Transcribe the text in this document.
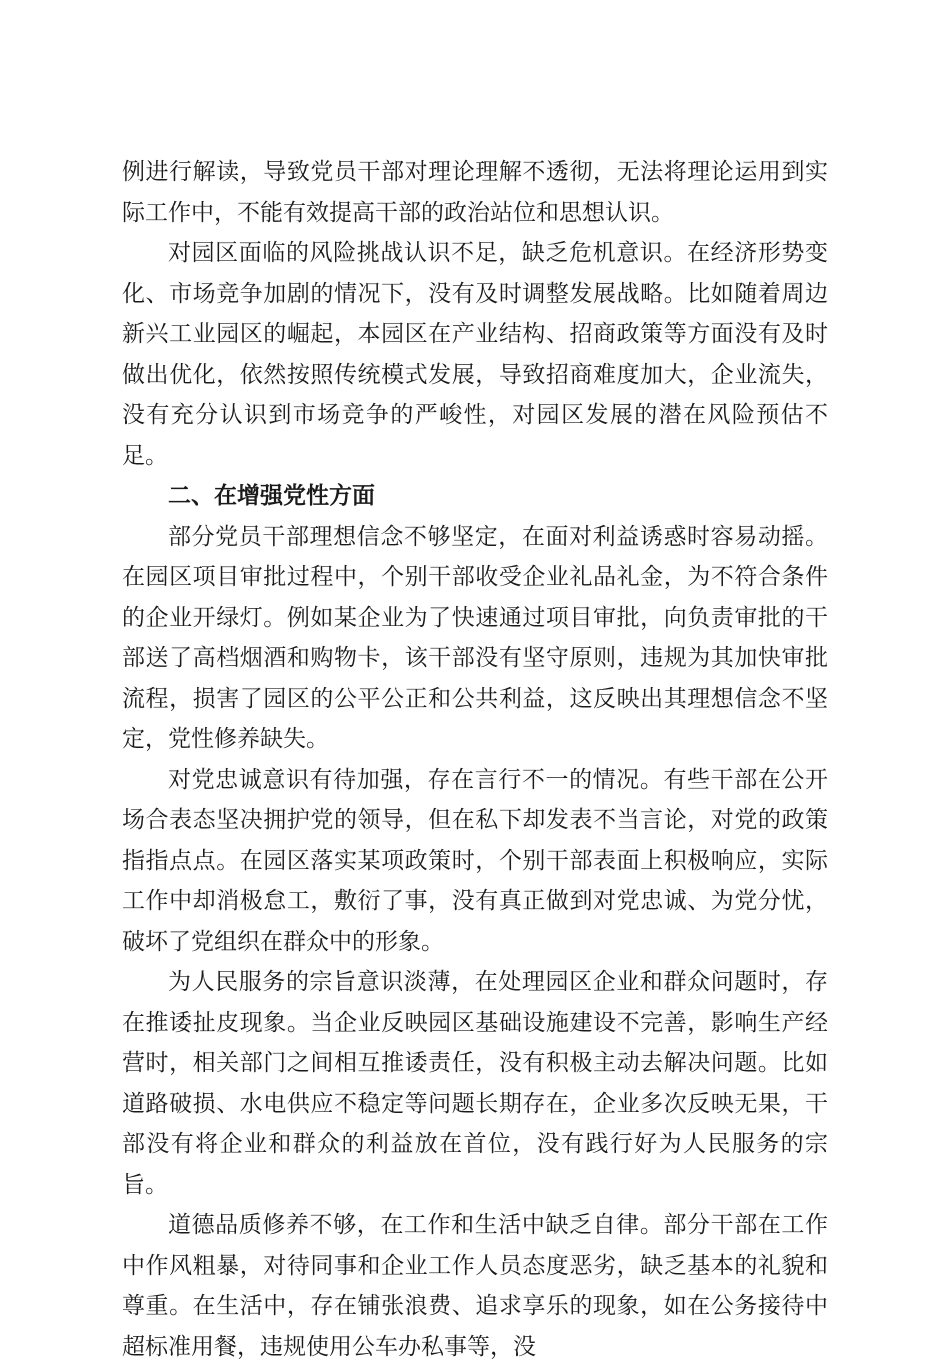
例进行解读，导致党员干部对理论理解不透彻，无法将理论运用到实际工作中，不能有效提高干部的政治站位和思想认识。

对园区面临的风险挑战认识不足，缺乏危机意识。在经济形势变化、市场竞争加剧的情况下，没有及时调整发展战略。比如随着周边新兴工业园区的崛起，本园区在产业结构、招商政策等方面没有及时做出优化，依然按照传统模式发展，导致招商难度加大，企业流失，没有充分认识到市场竞争的严峻性，对园区发展的潜在风险预估不足。

二、在增强党性方面

部分党员干部理想信念不够坚定，在面对利益诱惑时容易动摇。在园区项目审批过程中，个别干部收受企业礼品礼金，为不符合条件的企业开绿灯。例如某企业为了快速通过项目审批，向负责审批的干部送了高档烟酒和购物卡，该干部没有坚守原则，违规为其加快审批流程，损害了园区的公平公正和公共利益，这反映出其理想信念不坚定，党性修养缺失。

对党忠诚意识有待加强，存在言行不一的情况。有些干部在公开场合表态坚决拥护党的领导，但在私下却发表不当言论，对党的政策指指点点。在园区落实某项政策时，个别干部表面上积极响应，实际工作中却消极怠工，敷衍了事，没有真正做到对党忠诚、为党分忧，破坏了党组织在群众中的形象。

为人民服务的宗旨意识淡薄，在处理园区企业和群众问题时，存在推诿扯皮现象。当企业反映园区基础设施建设不完善，影响生产经营时，相关部门之间相互推诿责任，没有积极主动去解决问题。比如道路破损、水电供应不稳定等问题长期存在，企业多次反映无果，干部没有将企业和群众的利益放在首位，没有践行好为人民服务的宗旨。

道德品质修养不够，在工作和生活中缺乏自律。部分干部在工作中作风粗暴，对待同事和企业工作人员态度恶劣，缺乏基本的礼貌和尊重。在生活中，存在铺张浪费、追求享乐的现象，如在公务接待中超标准用餐，违规使用公车办私事等，没
